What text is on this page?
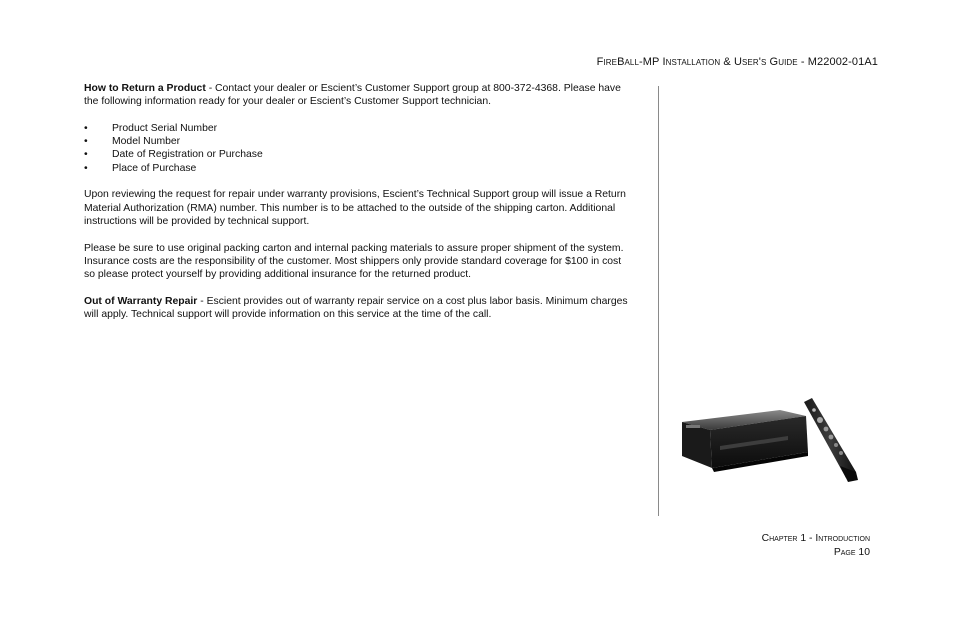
FireBall-MP Installation & User's Guide - M22002-01A1

How to Return a Product - Contact your dealer or Escient’s Customer Support group at 800-372-4368. Please have the following information ready for your dealer or Escient’s Customer Support technician.

• Product Serial Number
• Model Number
• Date of Registration or Purchase
• Place of Purchase

Upon reviewing the request for repair under warranty provisions, Escient’s Technical Support group will issue a Return Material Authorization (RMA) number. This number is to be attached to the outside of the shipping carton. Additional instructions will be provided by technical support.

Please be sure to use original packing carton and internal packing materials to assure proper shipment of the system. Insurance costs are the responsibility of the customer. Most shippers only provide standard coverage for $100 in cost so please protect yourself by providing additional insurance for the returned product.

Out of Warranty Repair - Escient provides out of warranty repair service on a cost plus labor basis. Minimum charges will apply. Technical support will provide information on this service at the time of the call.

Chapter 1 - Introduction
Page 10
